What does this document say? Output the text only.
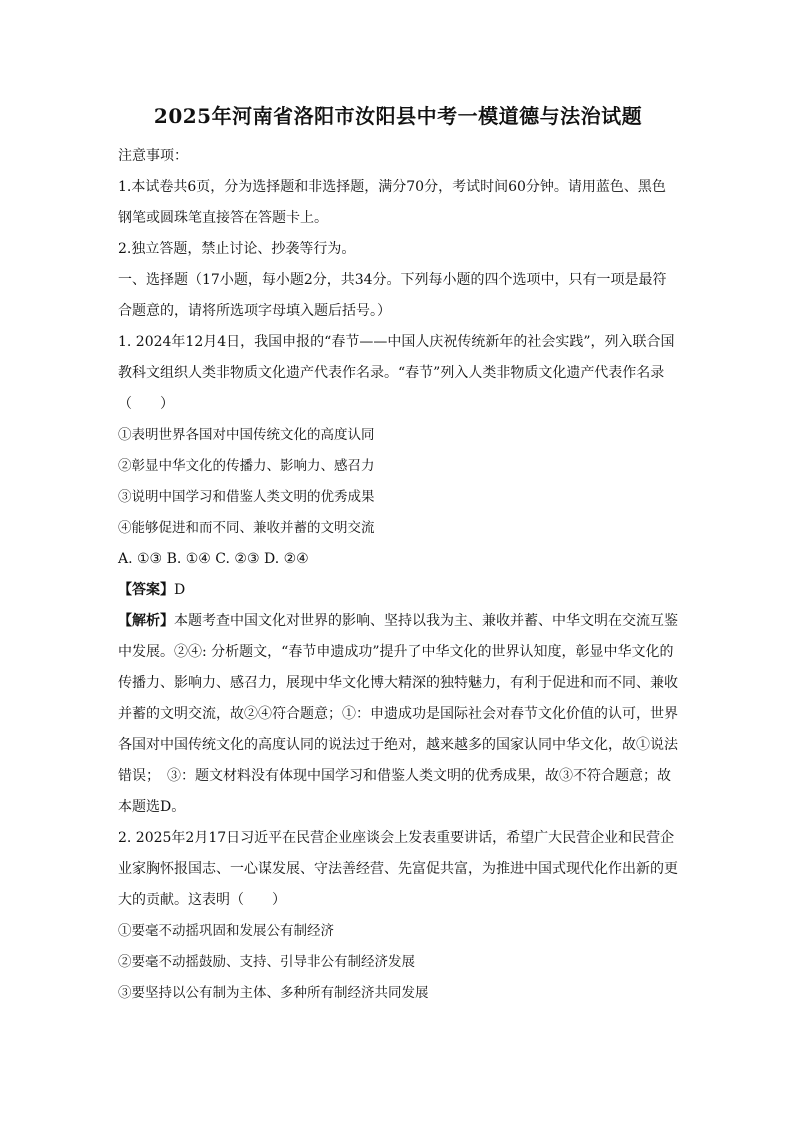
2025年河南省洛阳市汝阳县中考一模道德与法治试题

注意事项：

1.本试卷共6页，分为选择题和非选择题，满分70分，考试时间60分钟。请用蓝色、黑色钢笔或圆珠笔直接答在答题卡上。

2.独立答题，禁止讨论、抄袭等行为。

一、选择题（17小题，每小题2分，共34分。下列每小题的四个选项中，只有一项是最符合题意的，请将所选项字母填入题后括号。）

1. 2024年12月4日，我国申报的“春节——中国人庆祝传统新年的社会实践”，列入联合国教科文组织人类非物质文化遗产代表作名录。“春节”列入人类非物质文化遗产代表作名录（　　）

①表明世界各国对中国传统文化的高度认同

②彰显中华文化的传播力、影响力、感召力

③说明中国学习和借鉴人类文明的优秀成果

④能够促进和而不同、兼收并蓄的文明交流

A. ①③ B. ①④ C. ②③ D. ②④

【答案】D

【解析】本题考查中国文化对世界的影响、坚持以我为主、兼收并蓄、中华文明在交流互鉴中发展。②④: 分析题文，“春节申遗成功”提升了中华文化的世界认知度，彰显中华文化的传播力、影响力、感召力，展现中华文化博大精深的独特魅力，有利于促进和而不同、兼收并蓄的文明交流，故②④符合题意；①：申遗成功是国际社会对春节文化价值的认可，世界各国对中国传统文化的高度认同的说法过于绝对，越来越多的国家认同中华文化，故①说法错误；　③：题文材料没有体现中国学习和借鉴人类文明的优秀成果，故③不符合题意；故本题选D。

2. 2025年2月17日习近平在民营企业座谈会上发表重要讲话，希望广大民营企业和民营企业家胸怀报国志、一心谋发展、守法善经营、先富促共富，为推进中国式现代化作出新的更大的贡献。这表明（　　）

①要毫不动摇巩固和发展公有制经济

②要毫不动摇鼓励、支持、引导非公有制经济发展

③要坚持以公有制为主体、多种所有制经济共同发展
